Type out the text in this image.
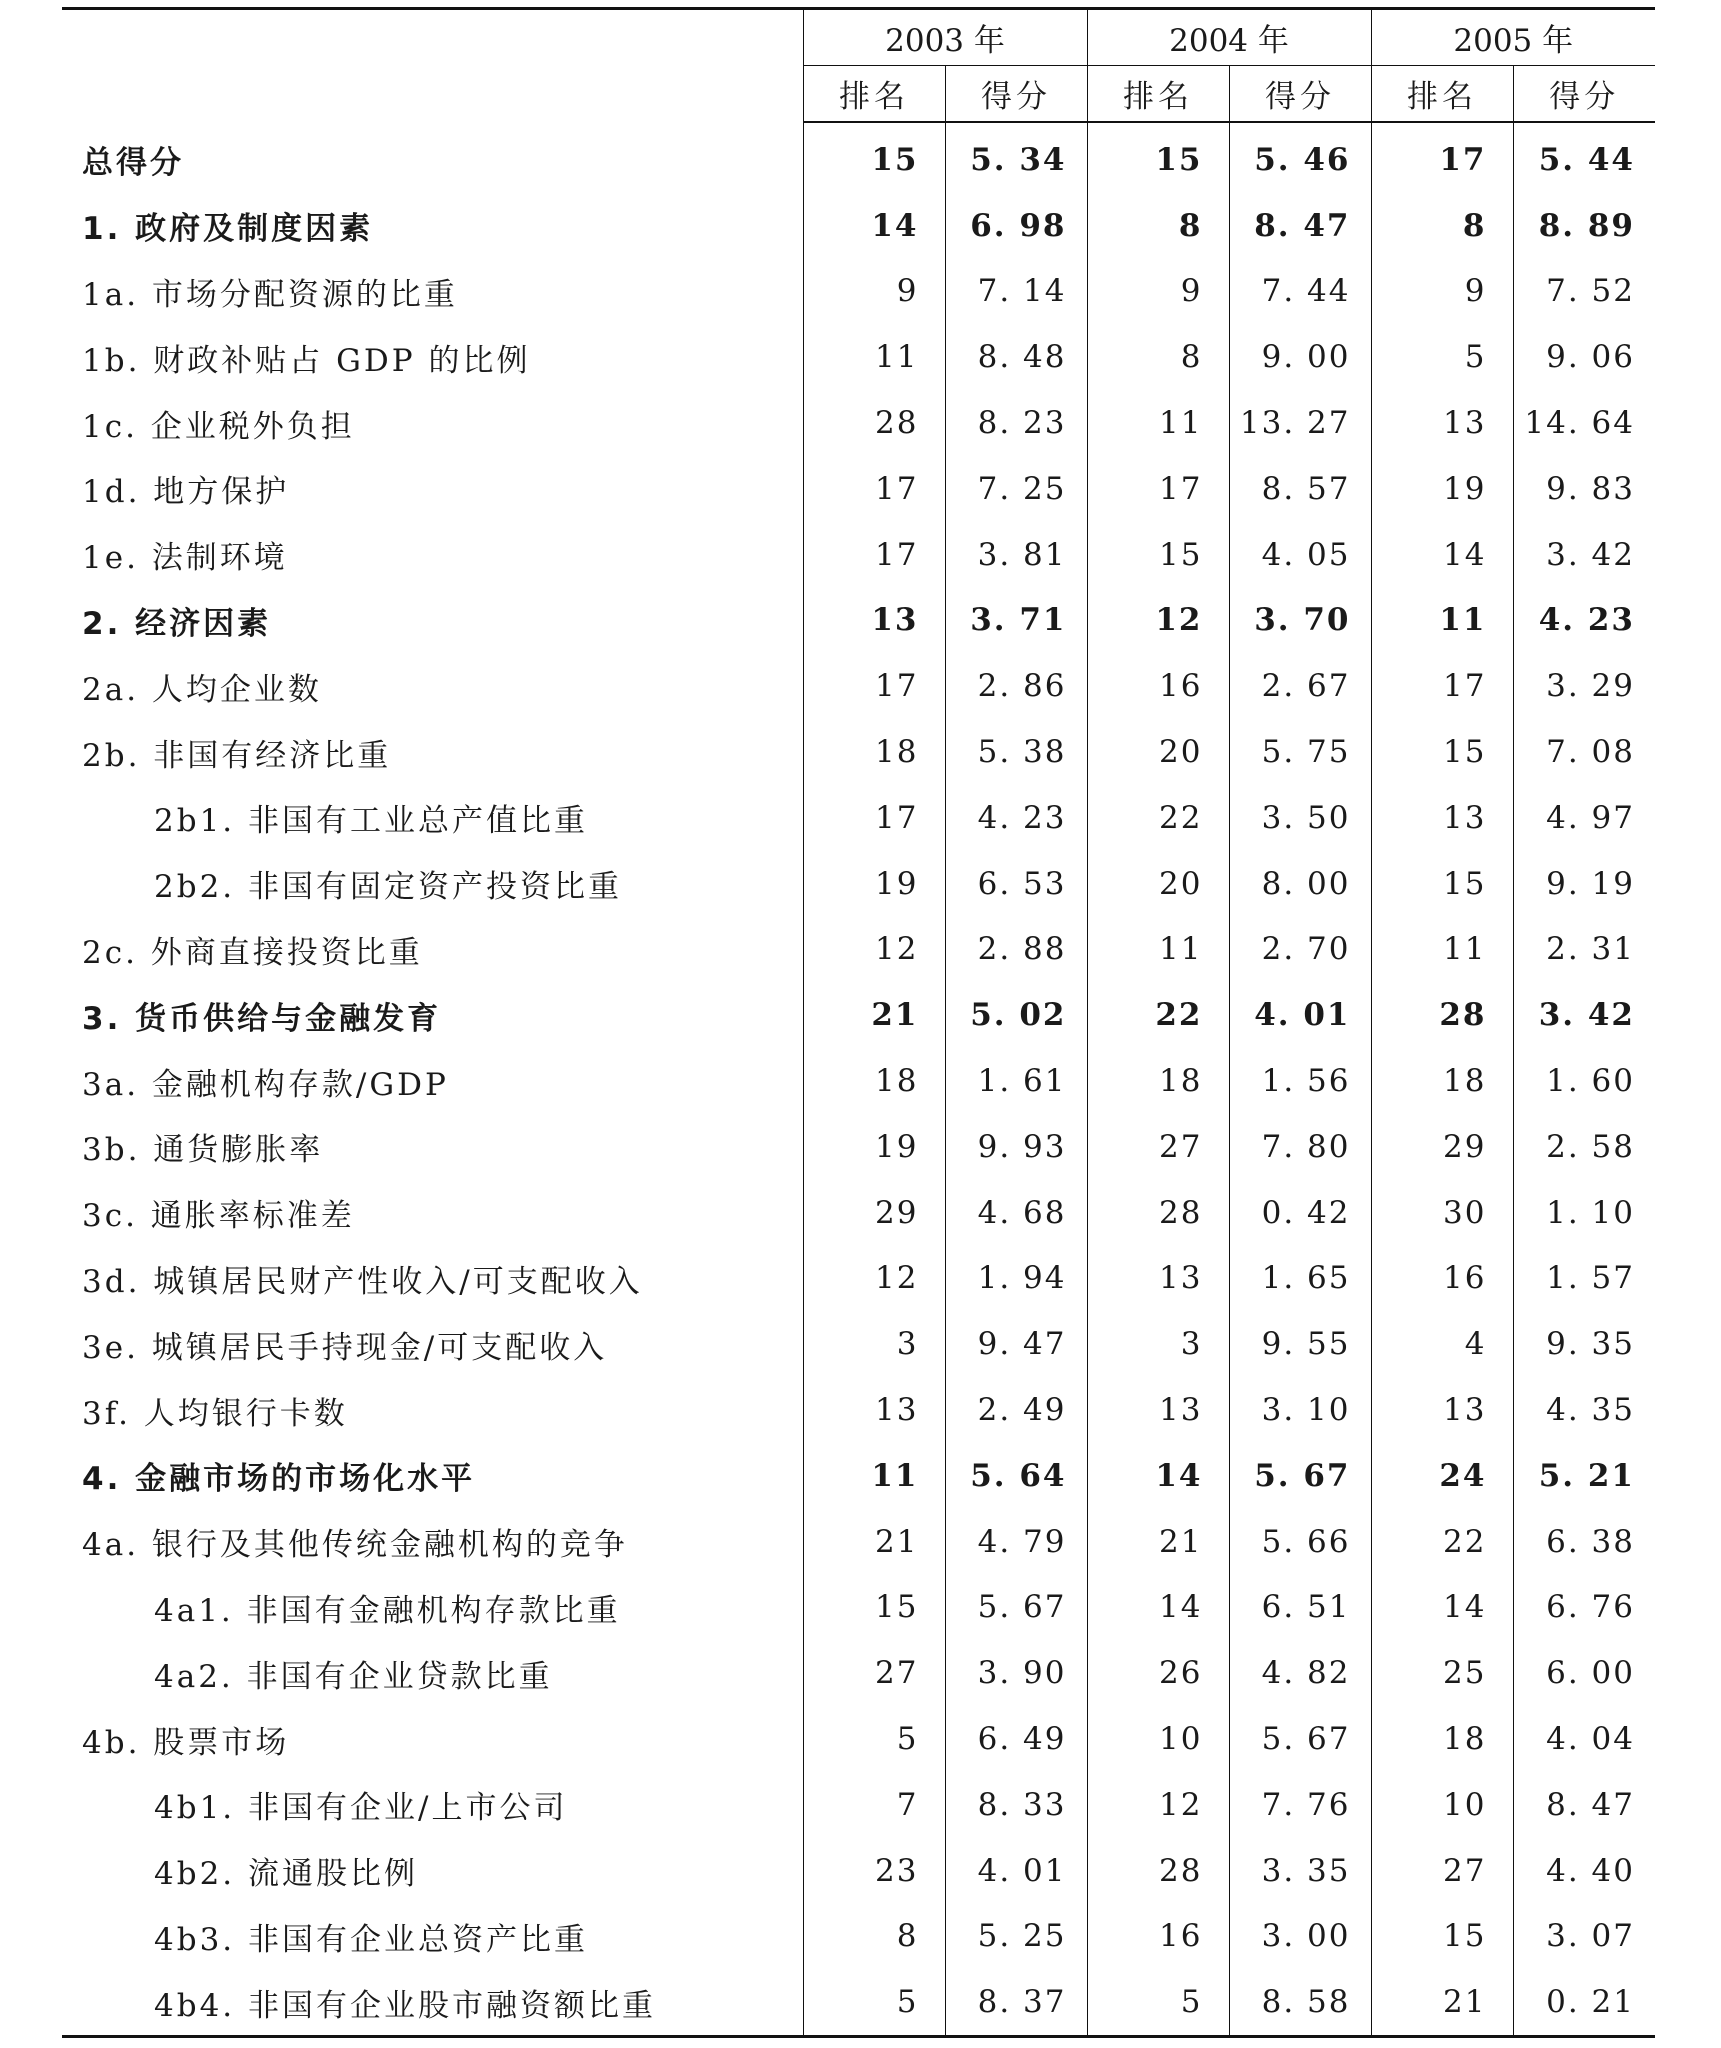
	2003 年		2004 年		2005 年	
	排名	得分	排名	得分	排名	得分
总得分	15	5. 34	15	5. 46	17	5. 44
1. 政府及制度因素	14	6. 98	8	8. 47	8	8. 89
1a. 市场分配资源的比重	9	7. 14	9	7. 44	9	7. 52
1b. 财政补贴占 GDP 的比例	11	8. 48	8	9. 00	5	9. 06
1c. 企业税外负担	28	8. 23	11	13. 27	13	14. 64
1d. 地方保护	17	7. 25	17	8. 57	19	9. 83
1e. 法制环境	17	3. 81	15	4. 05	14	3. 42
2. 经济因素	13	3. 71	12	3. 70	11	4. 23
2a. 人均企业数	17	2. 86	16	2. 67	17	3. 29
2b. 非国有经济比重	18	5. 38	20	5. 75	15	7. 08
2b1. 非国有工业总产值比重	17	4. 23	22	3. 50	13	4. 97
2b2. 非国有固定资产投资比重	19	6. 53	20	8. 00	15	9. 19
2c. 外商直接投资比重	12	2. 88	11	2. 70	11	2. 31
3. 货币供给与金融发育	21	5. 02	22	4. 01	28	3. 42
3a. 金融机构存款/GDP	18	1. 61	18	1. 56	18	1. 60
3b. 通货膨胀率	19	9. 93	27	7. 80	29	2. 58
3c. 通胀率标准差	29	4. 68	28	0. 42	30	1. 10
3d. 城镇居民财产性收入/可支配收入	12	1. 94	13	1. 65	16	1. 57
3e. 城镇居民手持现金/可支配收入	3	9. 47	3	9. 55	4	9. 35
3f. 人均银行卡数	13	2. 49	13	3. 10	13	4. 35
4. 金融市场的市场化水平	11	5. 64	14	5. 67	24	5. 21
4a. 银行及其他传统金融机构的竞争	21	4. 79	21	5. 66	22	6. 38
4a1. 非国有金融机构存款比重	15	5. 67	14	6. 51	14	6. 76
4a2. 非国有企业贷款比重	27	3. 90	26	4. 82	25	6. 00
4b. 股票市场	5	6. 49	10	5. 67	18	4. 04
4b1. 非国有企业/上市公司	7	8. 33	12	7. 76	10	8. 47
4b2. 流通股比例	23	4. 01	28	3. 35	27	4. 40
4b3. 非国有企业总资产比重	8	5. 25	16	3. 00	15	3. 07
4b4. 非国有企业股市融资额比重	5	8. 37	5	8. 58	21	0. 21
